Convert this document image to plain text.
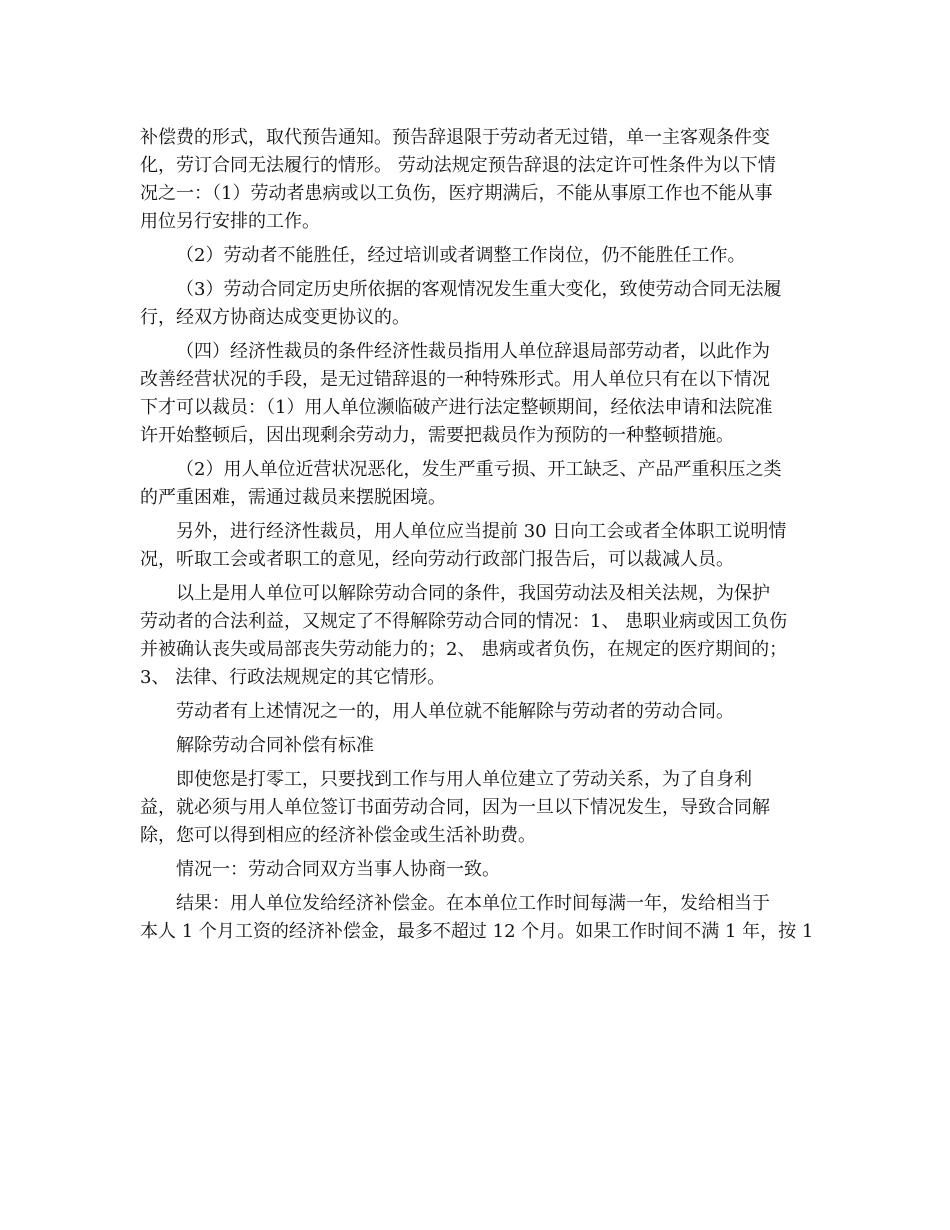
补偿费的形式，取代预告通知。预告辞退限于劳动者无过错，单一主客观条件变
化，劳订合同无法履行的情形。 劳动法规定预告辞退的法定许可性条件为以下情
况之一：（1）劳动者患病或以工负伤，医疗期满后，不能从事原工作也不能从事
用位另行安排的工作。
（2）劳动者不能胜任，经过培训或者调整工作岗位，仍不能胜任工作。
（3）劳动合同定历史所依据的客观情况发生重大变化，致使劳动合同无法履
行，经双方协商达成变更协议的。
（四）经济性裁员的条件经济性裁员指用人单位辞退局部劳动者，以此作为
改善经营状况的手段，是无过错辞退的一种特殊形式。用人单位只有在以下情况
下才可以裁员：（1）用人单位濒临破产进行法定整顿期间，经依法申请和法院准
许开始整顿后，因出现剩余劳动力，需要把裁员作为预防的一种整顿措施。
（2）用人单位近营状况恶化，发生严重亏损、开工缺乏、产品严重积压之类
的严重困难，需通过裁员来摆脱困境。
另外，进行经济性裁员，用人单位应当提前 30 日向工会或者全体职工说明情
况，听取工会或者职工的意见，经向劳动行政部门报告后，可以裁减人员。
以上是用人单位可以解除劳动合同的条件，我国劳动法及相关法规，为保护
劳动者的合法利益，又规定了不得解除劳动合同的情况：1、 患职业病或因工负伤
并被确认丧失或局部丧失劳动能力的；2、 患病或者负伤，在规定的医疗期间的；
3、 法律、行政法规规定的其它情形。
劳动者有上述情况之一的，用人单位就不能解除与劳动者的劳动合同。
解除劳动合同补偿有标准
即使您是打零工，只要找到工作与用人单位建立了劳动关系，为了自身利
益，就必须与用人单位签订书面劳动合同，因为一旦以下情况发生，导致合同解
除，您可以得到相应的经济补偿金或生活补助费。
情况一：劳动合同双方当事人协商一致。
结果：用人单位发给经济补偿金。在本单位工作时间每满一年，发给相当于
本人 1 个月工资的经济补偿金，最多不超过 12 个月。如果工作时间不满 1 年，按 1
